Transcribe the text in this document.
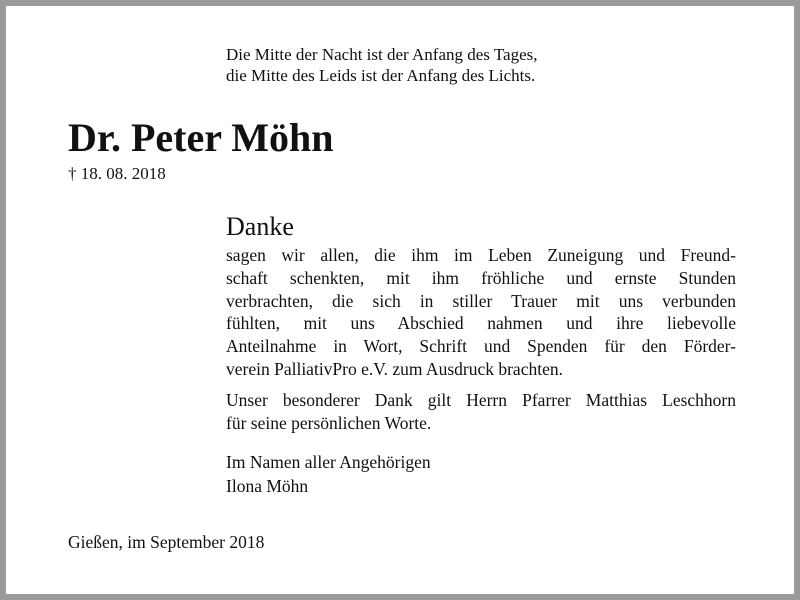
Die Mitte der Nacht ist der Anfang des Tages,
die Mitte des Leids ist der Anfang des Lichts.
Dr. Peter Möhn
† 18. 08. 2018
Danke
sagen wir allen, die ihm im Leben Zuneigung und Freund-
schaft schenkten, mit ihm fröhliche und ernste Stunden
verbrachten, die sich in stiller Trauer mit uns verbunden
fühlten, mit uns Abschied nahmen und ihre liebevolle
Anteilnahme in Wort, Schrift und Spenden für den Förder-
verein PalliativPro e.V. zum Ausdruck brachten.
Unser besonderer Dank gilt Herrn Pfarrer Matthias Leschhorn
für seine persönlichen Worte.
Im Namen aller Angehörigen
Ilona Möhn
Gießen, im September 2018
